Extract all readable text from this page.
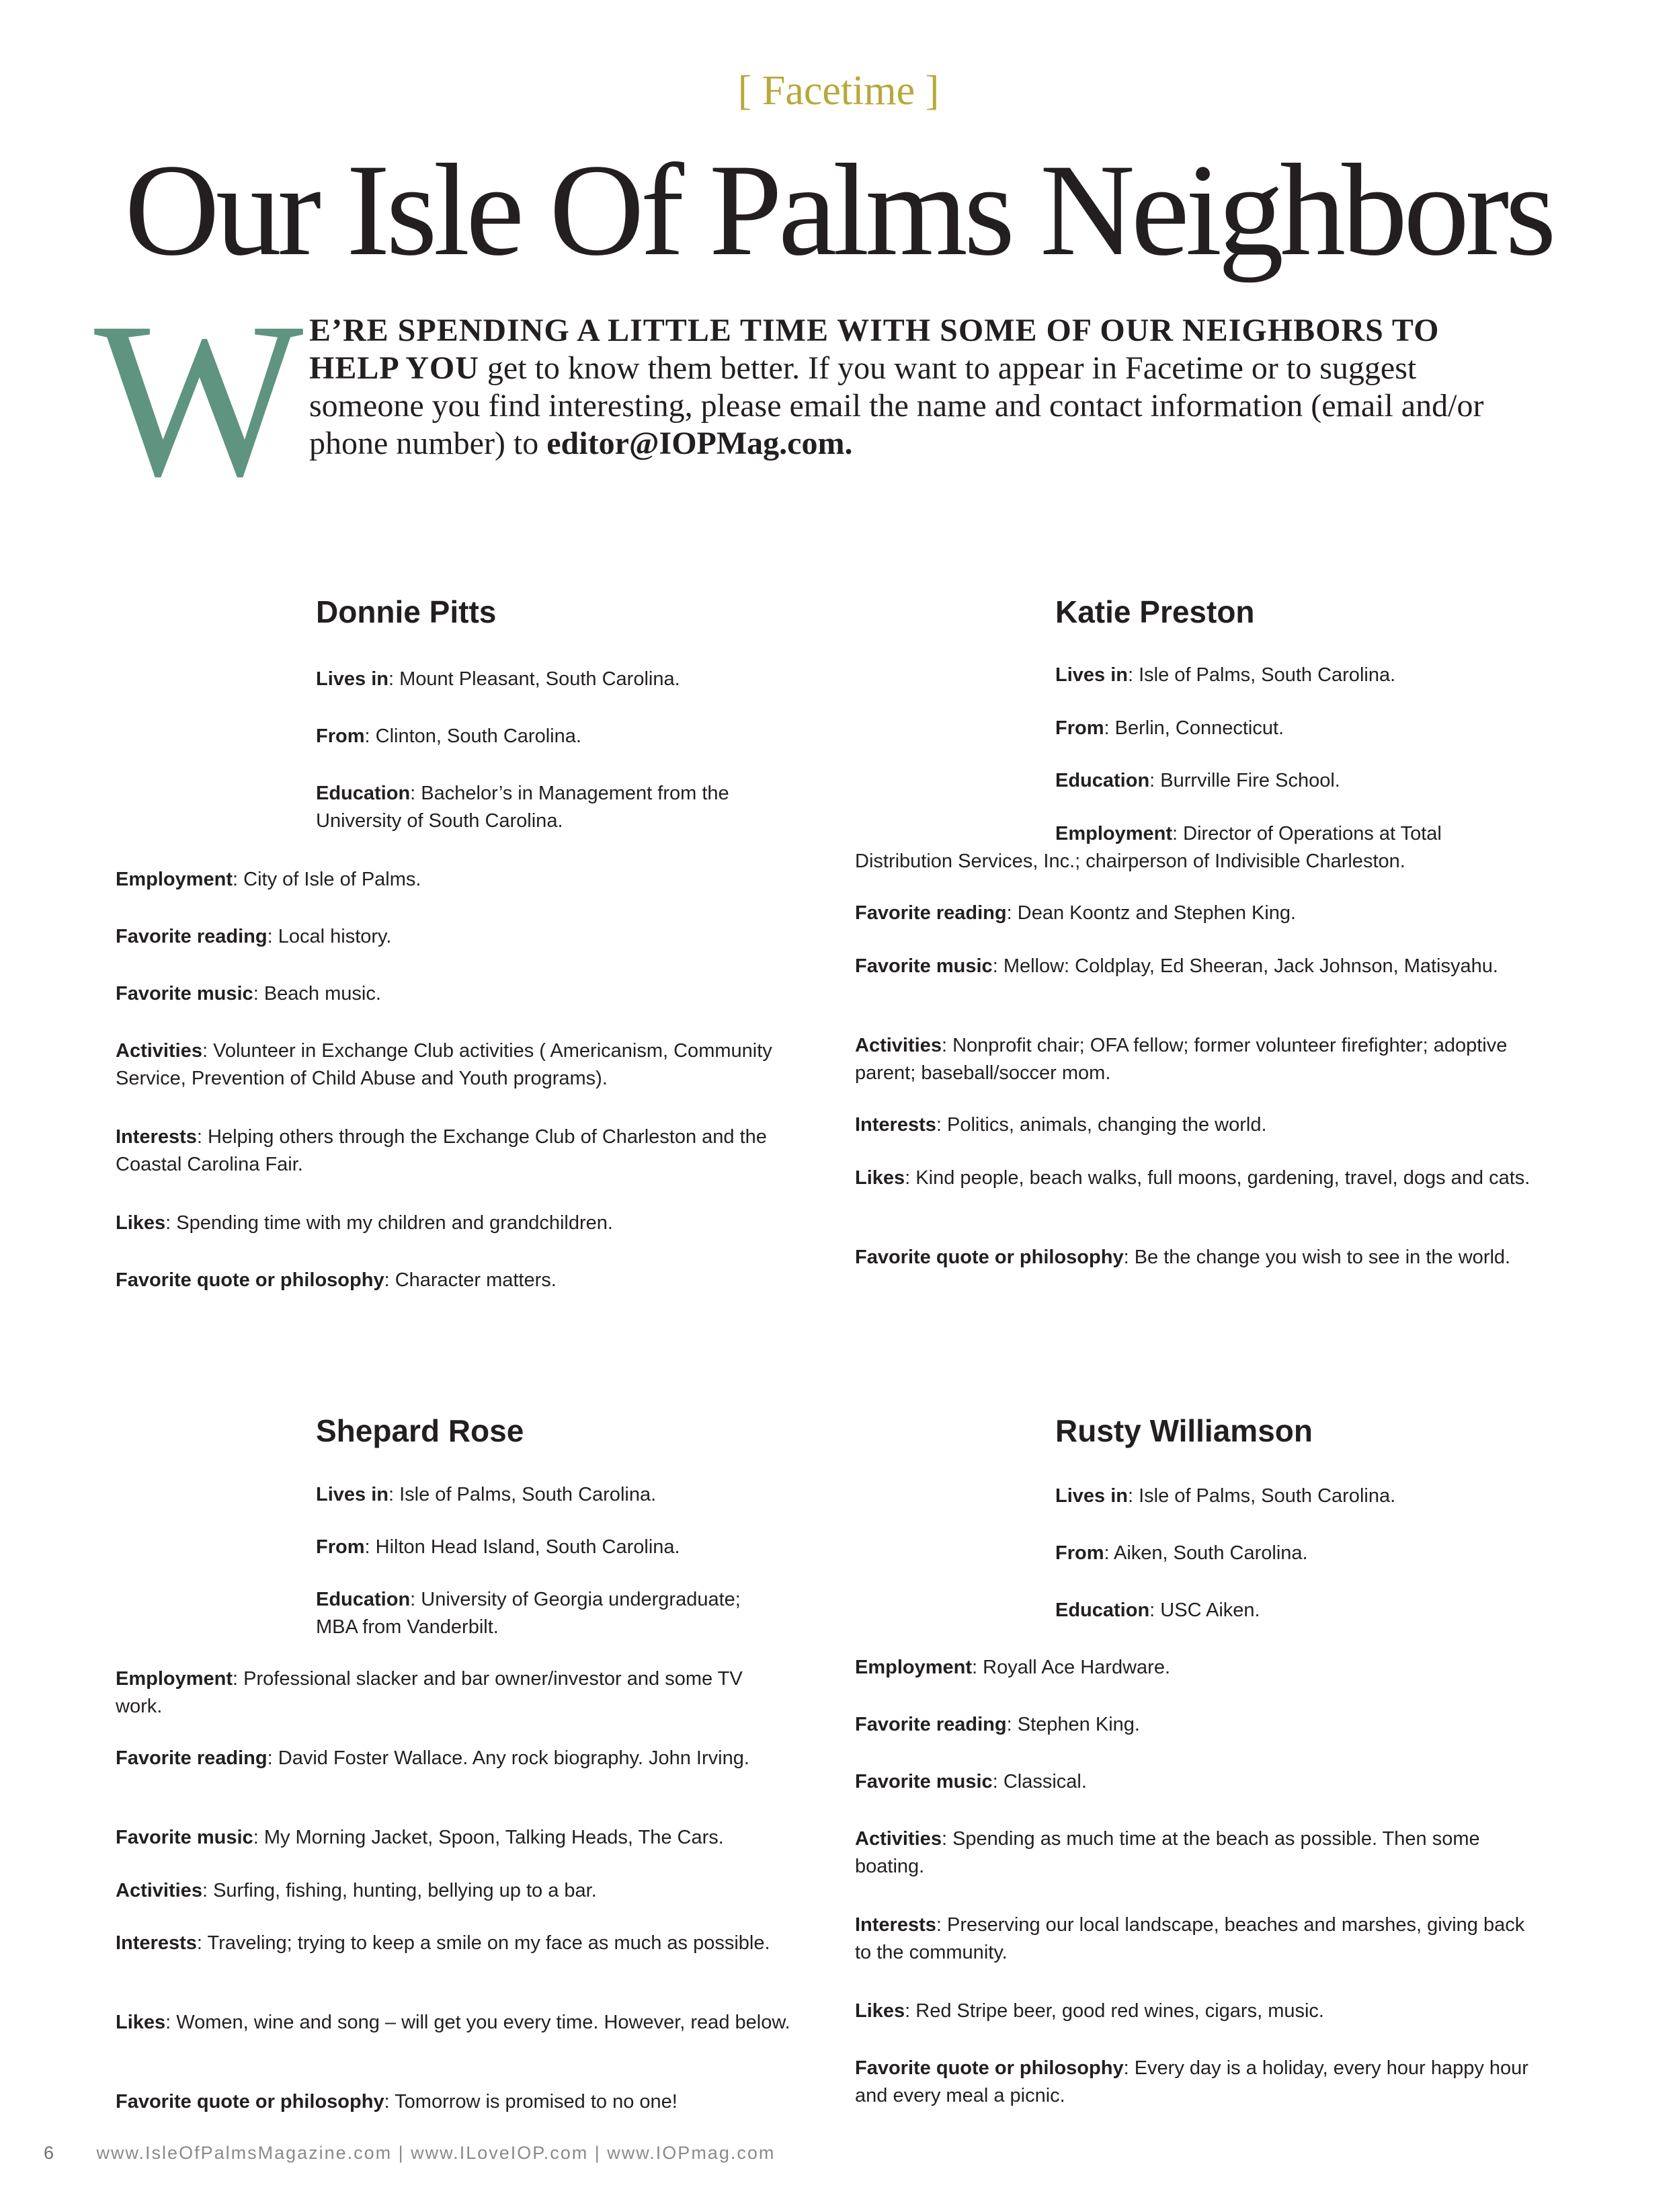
[ Facetime ]
Our Isle Of Palms Neighbors
W E’RE SPENDING A LITTLE TIME WITH SOME OF OUR NEIGHBORS TO HELP YOU get to know them better. If you want to appear in Facetime or to suggest someone you find interesting, please email the name and contact information (email and/or phone number) to editor@IOPMag.com.
Donnie Pitts

Lives in: Mount Pleasant, South Carolina.

From: Clinton, South Carolina.

Education: Bachelor’s in Management from the University of South Carolina.

Employment: City of Isle of Palms.

Favorite reading: Local history.

Favorite music: Beach music.

Activities: Volunteer in Exchange Club activities ( Americanism, Community Service, Prevention of Child Abuse and Youth programs).

Interests: Helping others through the Exchange Club of Charleston and the Coastal Carolina Fair.

Likes: Spending time with my children and grandchildren.

Favorite quote or philosophy: Character matters.

Katie Preston

Lives in: Isle of Palms, South Carolina.

From: Berlin, Connecticut.

Education: Burrville Fire School.

Employment: Director of Operations at Total Distribution Services, Inc.; chairperson of Indivisible Charleston.

Favorite reading: Dean Koontz and Stephen King.

Favorite music: Mellow: Coldplay, Ed Sheeran, Jack Johnson, Matisyahu.

Activities: Nonprofit chair; OFA fellow; former volunteer firefighter; adoptive parent; baseball/soccer mom.

Interests: Politics, animals, changing the world.

Likes: Kind people, beach walks, full moons, gardening, travel, dogs and cats.

Favorite quote or philosophy: Be the change you wish to see in the world.

Shepard Rose

Lives in: Isle of Palms, South Carolina.

From: Hilton Head Island, South Carolina.

Education: University of Georgia undergraduate; MBA from Vanderbilt.

Employment: Professional slacker and bar owner/investor and some TV work.

Favorite reading: David Foster Wallace. Any rock biography. John Irving.

Favorite music: My Morning Jacket, Spoon, Talking Heads, The Cars.

Activities: Surfing, fishing, hunting, bellying up to a bar.

Interests: Traveling; trying to keep a smile on my face as much as possible.

Likes: Women, wine and song – will get you every time. However, read below.

Favorite quote or philosophy: Tomorrow is promised to no one!

Rusty Williamson

Lives in: Isle of Palms, South Carolina.

From: Aiken, South Carolina.

Education: USC Aiken.

Employment: Royall Ace Hardware.

Favorite reading: Stephen King.

Favorite music: Classical.

Activities: Spending as much time at the beach as possible. Then some boating.

Interests: Preserving our local landscape, beaches and marshes, giving back to the community.

Likes: Red Stripe beer, good red wines, cigars, music.

Favorite quote or philosophy: Every day is a holiday, every hour happy hour and every meal a picnic.

6 www.IsleOfPalmsMagazine.com | www.ILoveIOP.com | www.IOPmag.com
